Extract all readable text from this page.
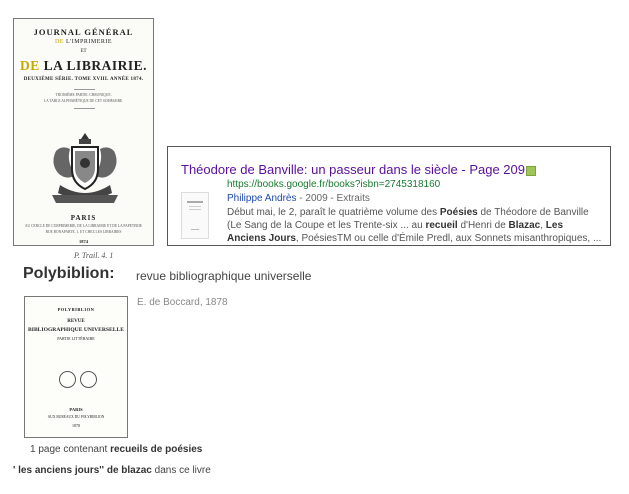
JOURNAL GÉNÉRAL
DE L'IMPRIMERIE
ET
DE LA LIBRAIRIE.
DEUXIÈME SÉRIE. TOME XVIII. ANNÉE 1874.
TROISIÈME PARTIE. CHRONIQUE.
LA TABLE ALPHABÉTIQUE DE CET SOMMAIRE.
PARIS
AU CERCLE DE L'IMPRIMERIE, DE LA LIBRAIRIE ET DE LA PAPETERIE
RUE BONAPARTE, 1, ET CHEZ LES LIBRAIRES
1874
P. Trail. 4. 1
Théodore de Banville: un passeur dans le siècle - Page 209
https://books.google.fr/books?isbn=2745318160
Philippe Andrès - 2009 - Extraits
Début mai, le 2, paraît le quatrième volume des Poésies de Théodore de Banville (Le Sang de la Coupe et les Trente-six ... au recueil d'Henri de Blazac, Les Anciens Jours, PoésiesTM ou celle d'Émile Predl, aux Sonnets misanthropiques, ...
Polybiblion: revue bibliographique universelle
POLYBIBLION
REVUE
BIBLIOGRAPHIQUE UNIVERSELLE
PARTIE LITTÉRAIRE
PARIS
AUX BUREAUX DU POLYBIBLION
1878
E. de Boccard, 1878
1 page contenant recueils de poésies
' les anciens jours'' de blazac dans ce livre
